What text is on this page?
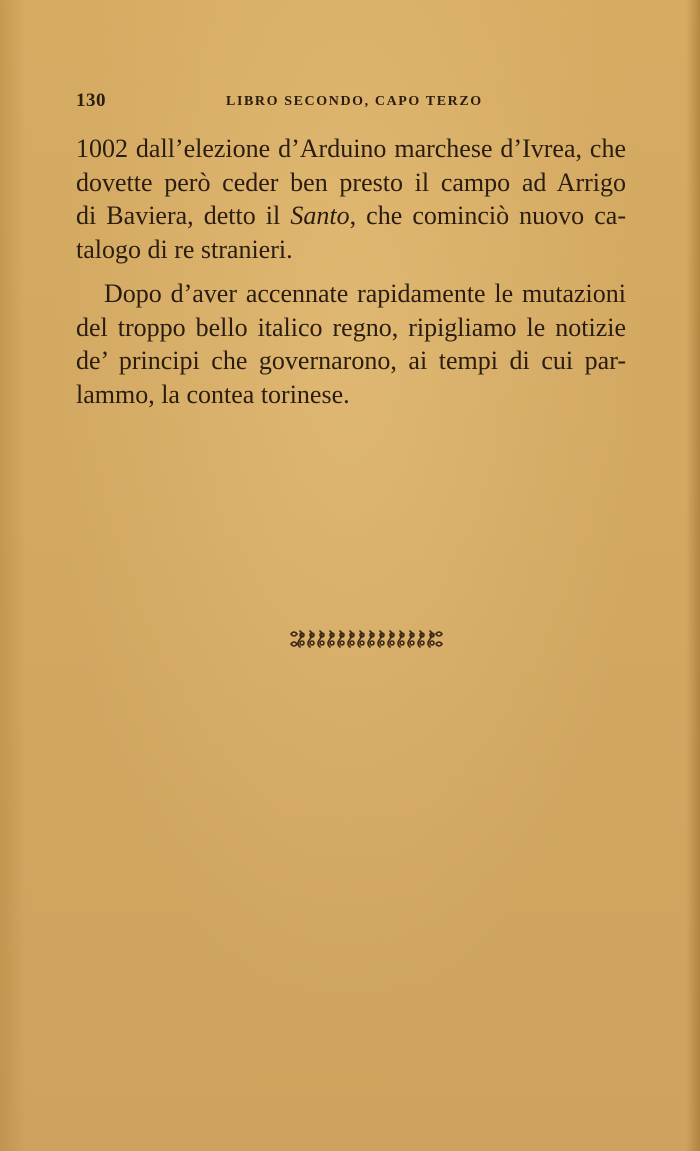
130	LIBRO SECONDO, CAPO TERZO
1002 dall’elezione d’Arduino marchese d’Ivrea, che
dovette però ceder ben presto il campo ad Arrigo
di Baviera, detto il Santo, che cominciò nuovo ca-
talogo di re stranieri.
Dopo d’aver accennate rapidamente le mutazioni
del troppo bello italico regno, ripigliamo le notizie
de’ principi che governarono, ai tempi di cui par-
lammo, la contea torinese.
